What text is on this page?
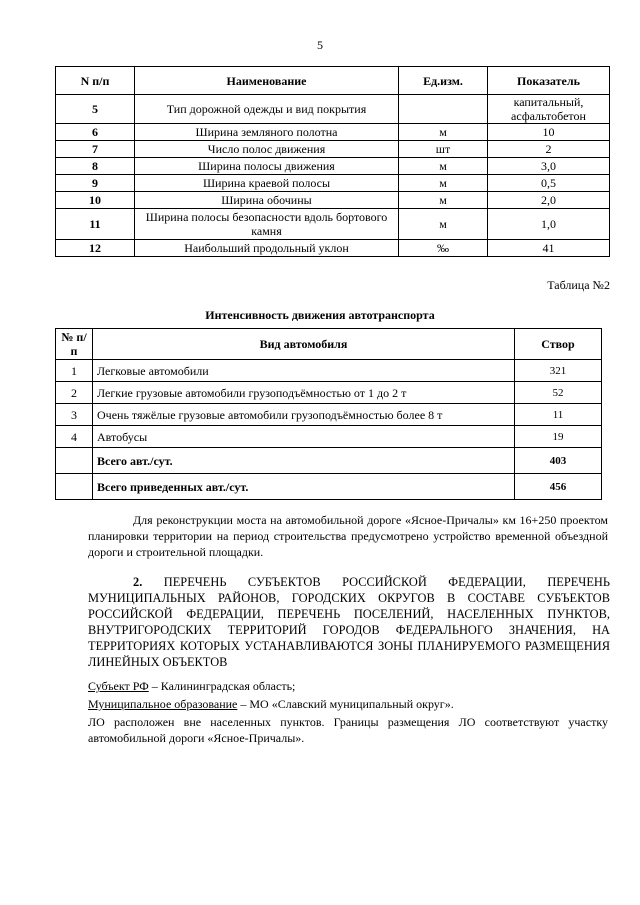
5
N п/п	Наименование	Ед.изм.	Показатель
5	Тип дорожной одежды и вид покрытия		капитальный, асфальтобетон
6	Ширина земляного полотна	м	10
7	Число полос движения	шт	2
8	Ширина полосы движения	м	3,0
9	Ширина краевой полосы	м	0,5
10	Ширина обочины	м	2,0
11	Ширина полосы безопасности вдоль бортового камня	м	1,0
12	Наибольший продольный уклон	‰	41
Таблица №2
Интенсивность движения автотранспорта
№ п/п	Вид автомобиля	Створ
1	Легковые автомобили	321
2	Легкие грузовые автомобили грузоподъёмностью от 1 до 2 т	52
3	Очень тяжёлые грузовые автомобили грузоподъёмностью более 8 т	11
4	Автобусы	19
	Всего авт./сут.	403
	Всего приведенных авт./сут.	456
Для реконструкции моста на автомобильной дороге «Ясное-Причалы» км 16+250 проектом планировки территории на период строительства предусмотрено устройство временной объездной дороги и строительной площадки.
2. ПЕРЕЧЕНЬ СУБЪЕКТОВ РОССИЙСКОЙ ФЕДЕРАЦИИ, ПЕРЕЧЕНЬ МУНИЦИПАЛЬНЫХ РАЙОНОВ, ГОРОДСКИХ ОКРУГОВ В СОСТАВЕ СУБЪЕКТОВ РОССИЙСКОЙ ФЕДЕРАЦИИ, ПЕРЕЧЕНЬ ПОСЕЛЕНИЙ, НАСЕЛЕННЫХ ПУНКТОВ, ВНУТРИГОРОДСКИХ ТЕРРИТОРИЙ ГОРОДОВ ФЕДЕРАЛЬНОГО ЗНАЧЕНИЯ, НА ТЕРРИТОРИЯХ КОТОРЫХ УСТАНАВЛИВАЮТСЯ ЗОНЫ ПЛАНИРУЕМОГО РАЗМЕЩЕНИЯ ЛИНЕЙНЫХ ОБЪЕКТОВ
Субъект РФ – Калининградская область;
Муниципальное образование – МО «Славский муниципальный округ».
ЛО расположен вне населенных пунктов. Границы размещения ЛО соответствуют участку автомобильной дороги «Ясное-Причалы».
